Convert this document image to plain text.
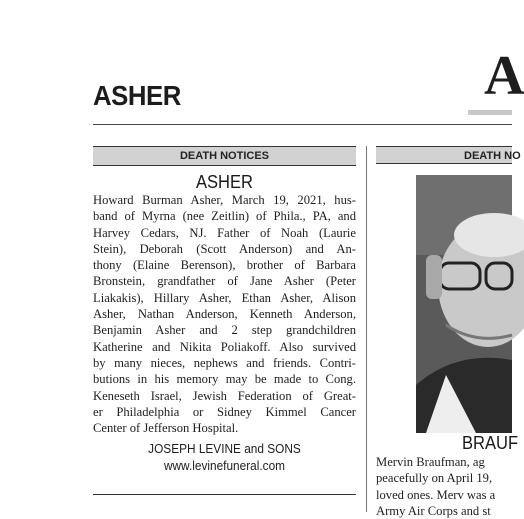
ASHER	A
DEATH NOTICES	DEATH NO
ASHER
Howard Burman Asher, March 19, 2021, hus-
band of Myrna (nee Zeitlin) of Phila., PA, and
Harvey Cedars, NJ. Father of Noah (Laurie
Stein), Deborah (Scott Anderson) and An-
thony (Elaine Berenson), brother of Barbara
Bronstein, grandfather of Jane Asher (Peter
Liakakis), Hillary Asher, Ethan Asher, Alison
Asher, Nathan Anderson, Kenneth Anderson,
Benjamin Asher and 2 step grandchildren
Katherine and Nikita Poliakoff. Also survived
by many nieces, nephews and friends. Contri-
butions in his memory may be made to Cong.
Keneseth Israel, Jewish Federation of Great-
er Philadelphia or Sidney Kimmel Cancer
Center of Jefferson Hospital.
JOSEPH LEVINE and SONS
www.levinefuneral.com
BRAUF
Mervin Braufman, ag
peacefully on April 19,
loved ones. Merv was a
Army Air Corps and st
